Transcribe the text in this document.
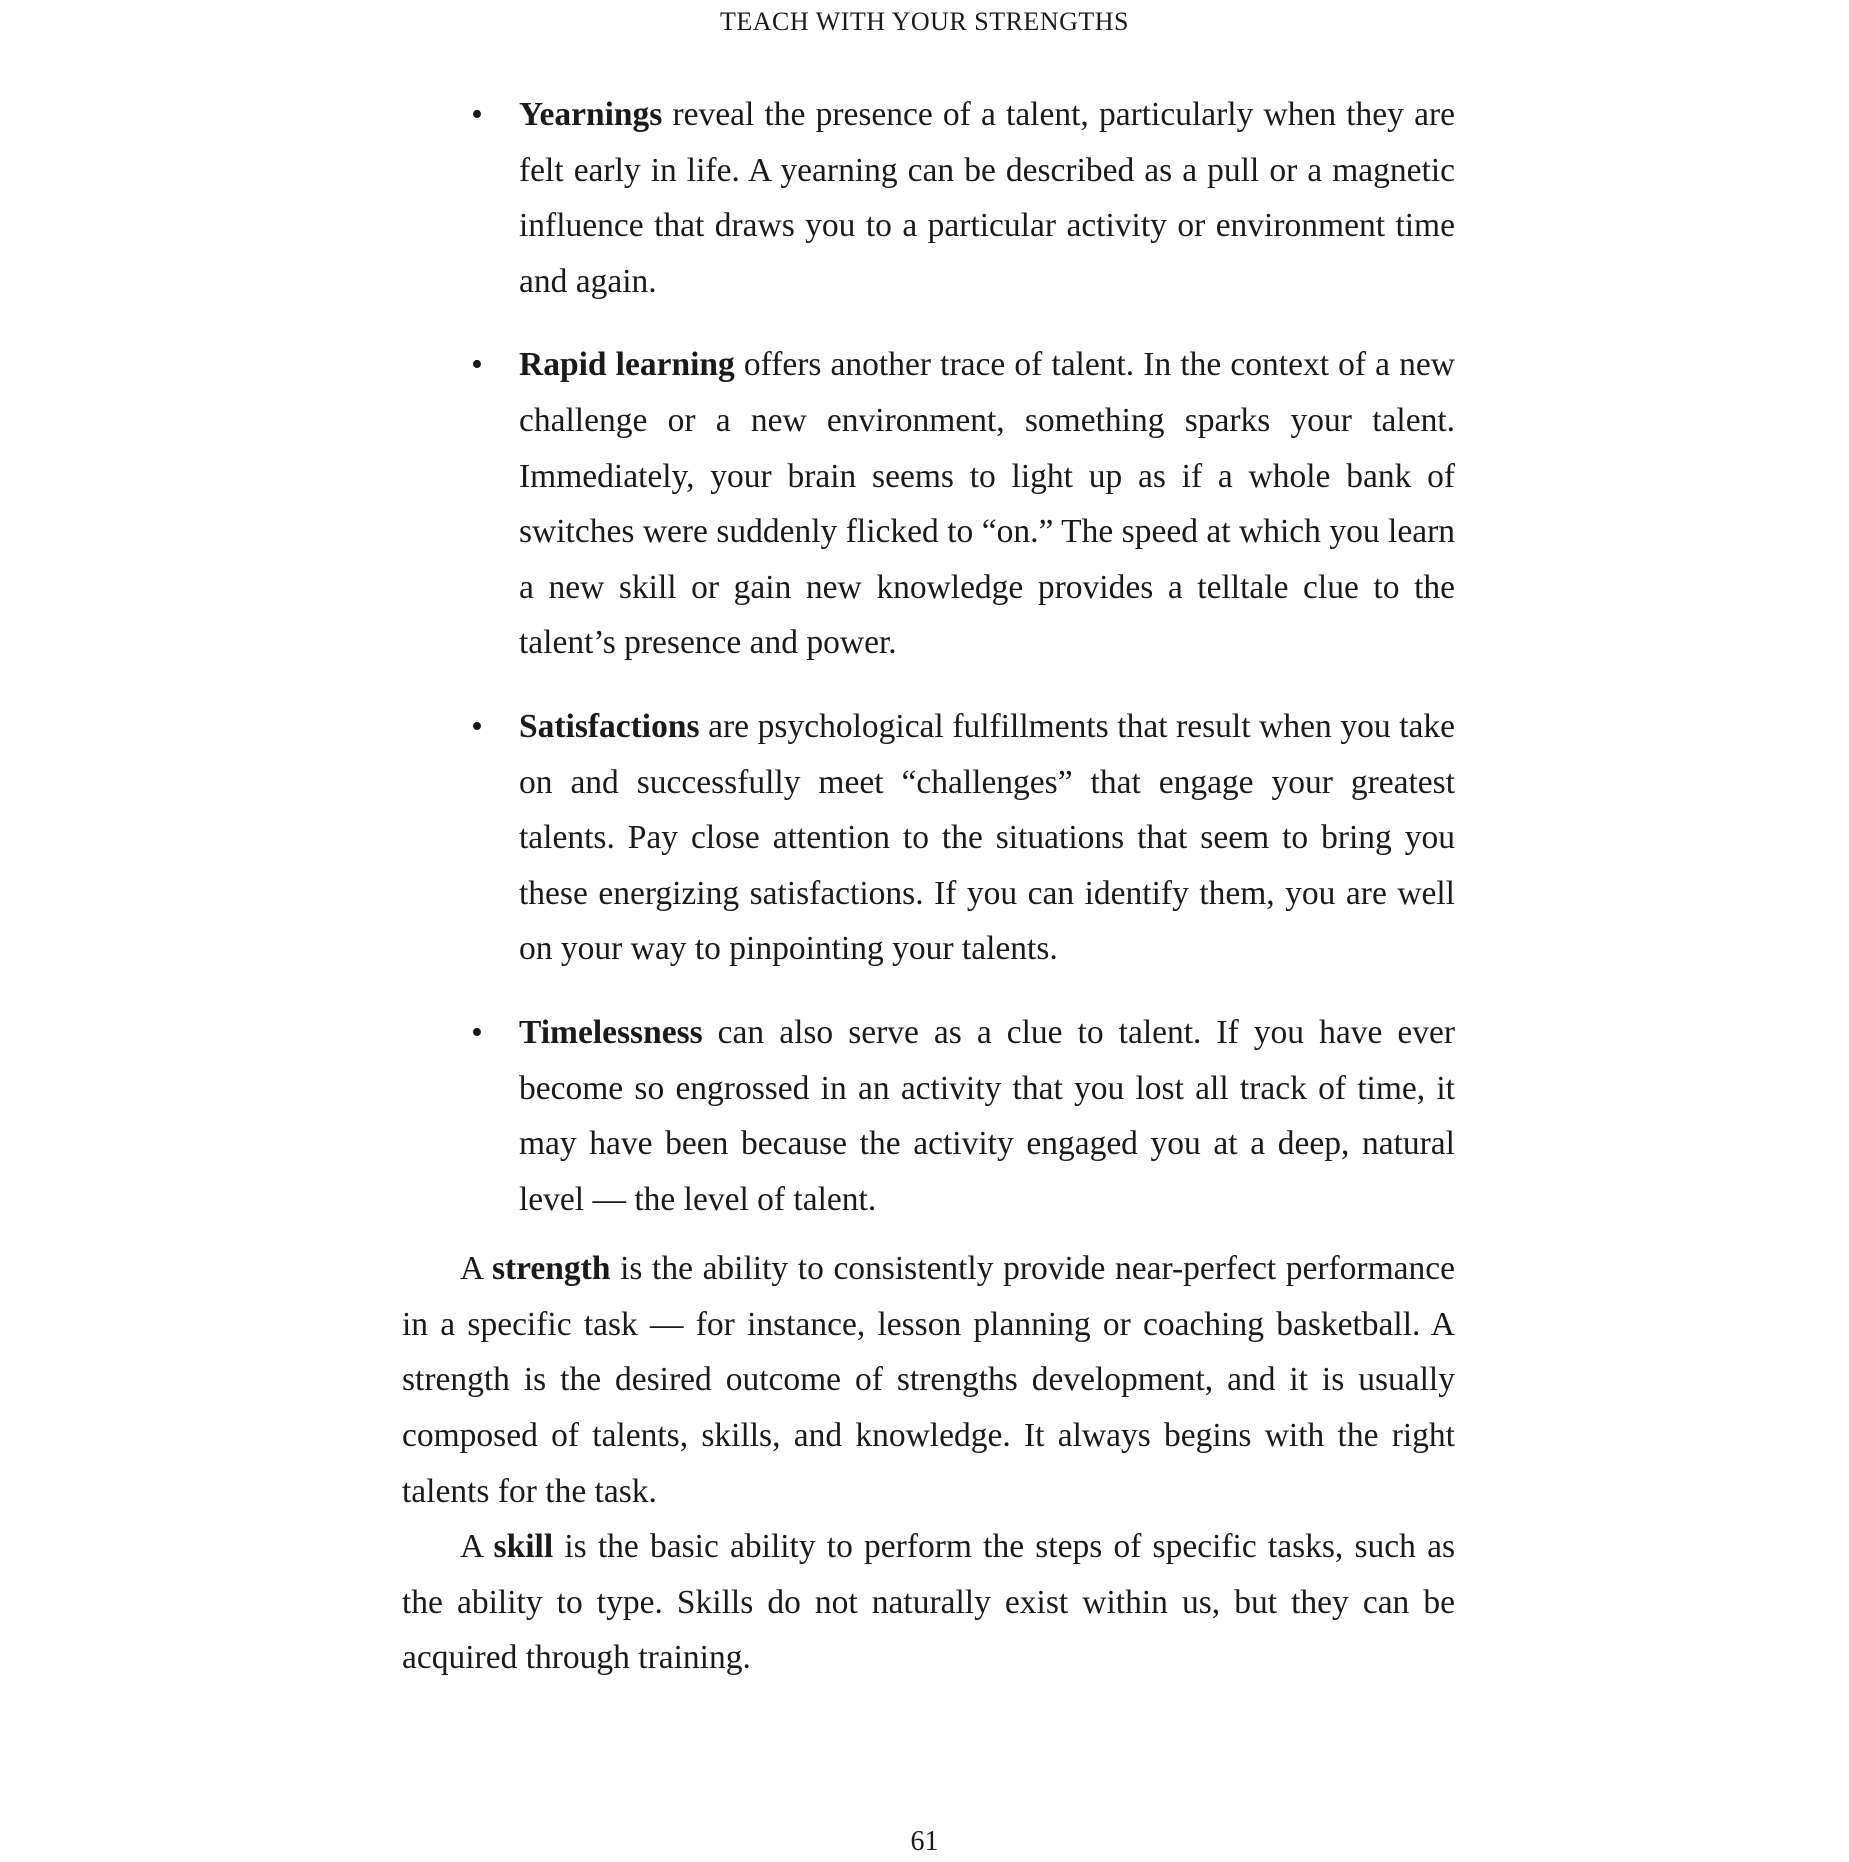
TEACH WITH YOUR STRENGTHS
• Yearnings reveal the presence of a talent, particularly when they are felt early in life. A yearning can be described as a pull or a magnetic influence that draws you to a particular activity or environment time and again.
• Rapid learning offers another trace of talent. In the context of a new challenge or a new environment, something sparks your talent. Immediately, your brain seems to light up as if a whole bank of switches were suddenly flicked to “on.” The speed at which you learn a new skill or gain new knowledge provides a telltale clue to the talent’s presence and power.
• Satisfactions are psychological fulfillments that result when you take on and successfully meet “challenges” that engage your greatest talents. Pay close attention to the situations that seem to bring you these energizing satisfactions. If you can identify them, you are well on your way to pinpointing your talents.
• Timelessness can also serve as a clue to talent. If you have ever become so engrossed in an activity that you lost all track of time, it may have been because the activity engaged you at a deep, natural level — the level of talent.

A strength is the ability to consistently provide near-perfect performance in a specific task — for instance, lesson planning or coaching basketball. A strength is the desired outcome of strengths development, and it is usually composed of talents, skills, and knowledge. It always begins with the right talents for the task.

A skill is the basic ability to perform the steps of specific tasks, such as the ability to type. Skills do not naturally exist within us, but they can be acquired through training.

61
